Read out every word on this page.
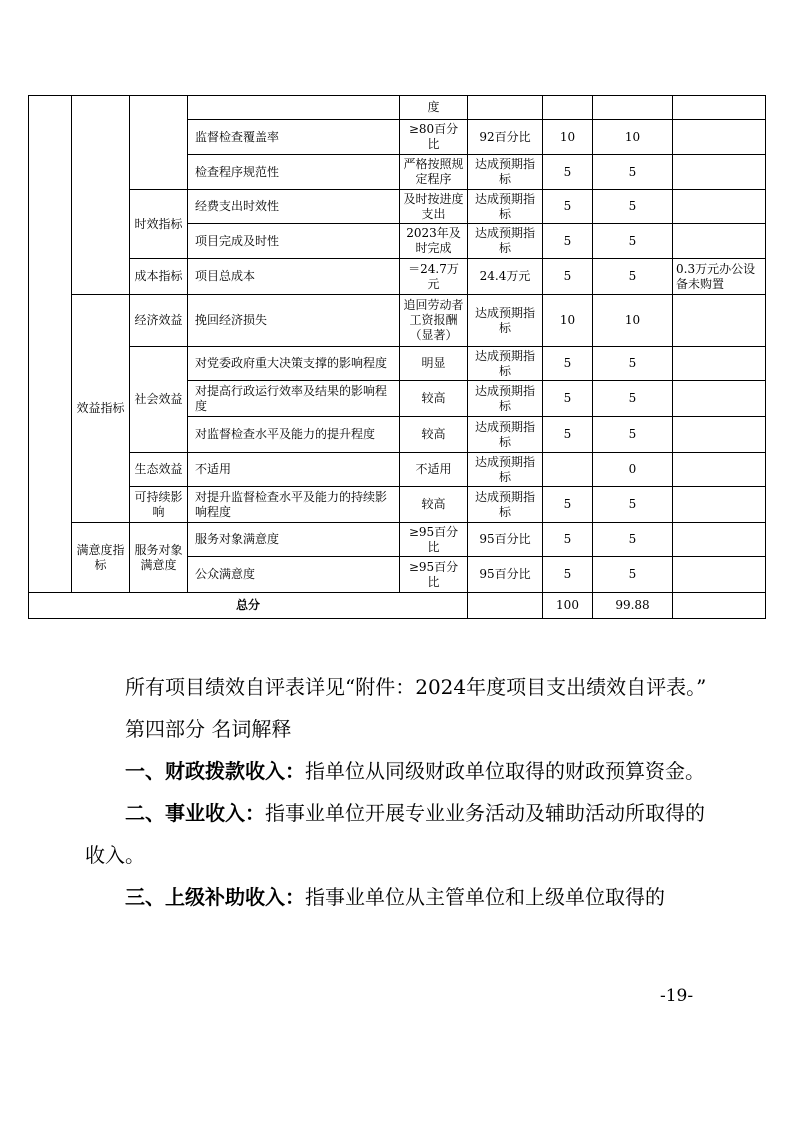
				度				
			监督检查覆盖率	≥80百分比	92百分比	10	10	
			检查程序规范性	严格按照规定程序	达成预期指标	5	5	
		时效指标	经费支出时效性	及时按进度支出	达成预期指标	5	5	
			项目完成及时性	2023年及时完成	达成预期指标	5	5	
		成本指标	项目总成本	＝24.7万元	24.4万元	5	5	0.3万元办公设备未购置
	效益指标	经济效益	挽回经济损失	追回劳动者工资报酬（显著）	达成预期指标	10	10	
		社会效益	对党委政府重大决策支撑的影响程度	明显	达成预期指标	5	5	
			对提高行政运行效率及结果的影响程度	较高	达成预期指标	5	5	
			对监督检查水平及能力的提升程度	较高	达成预期指标	5	5	
		生态效益	不适用	不适用	达成预期指标		0	
		可持续影响	对提升监督检查水平及能力的持续影响程度	较高	达成预期指标	5	5	
	满意度指标	服务对象满意度	服务对象满意度	≥95百分比	95百分比	5	5	
			公众满意度	≥95百分比	95百分比	5	5	
总分						100	99.88	

所有项目绩效自评表详见“附件：2024年度项目支出绩效自评表。”

第四部分 名词解释

一、财政拨款收入：指单位从同级财政单位取得的财政预算资金。

二、事业收入：指事业单位开展专业业务活动及辅助活动所取得的收入。

三、上级补助收入：指事业单位从主管单位和上级单位取得的

-19-
